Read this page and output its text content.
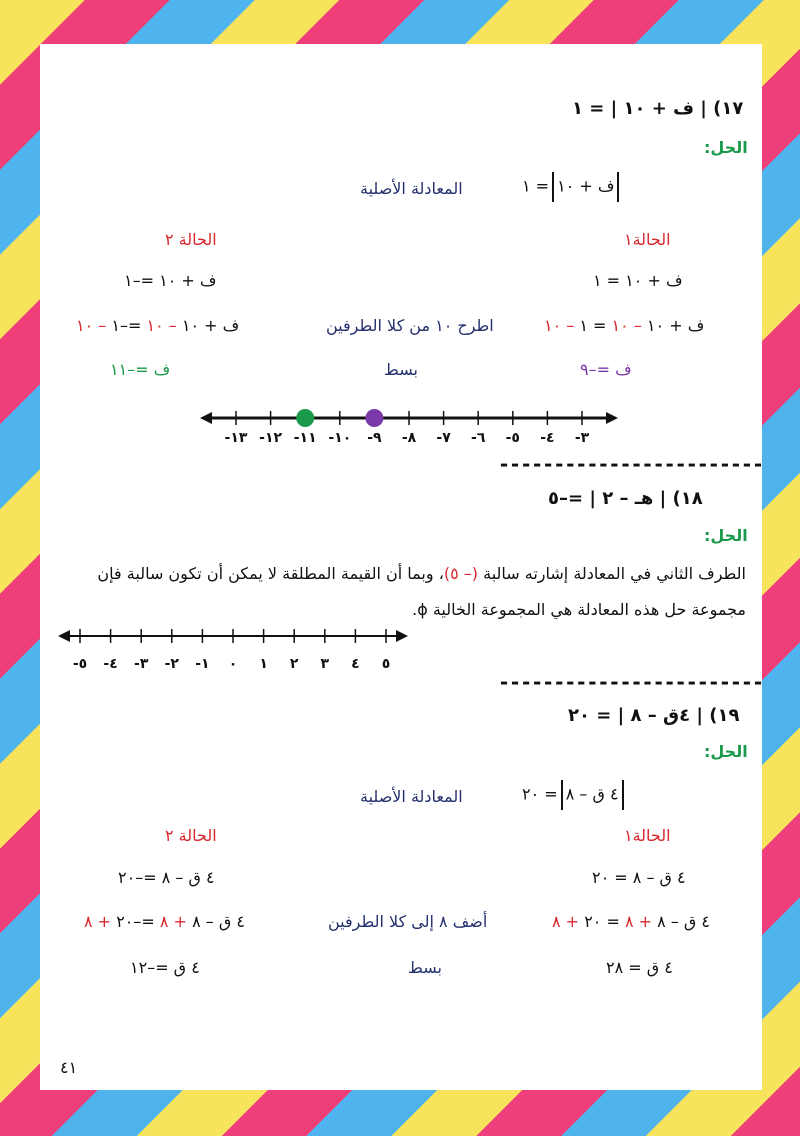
١٧) | ف + ١٠ | = ١
الحل:
ف + ١٠= ١
المعادلة الأصلية
الحالة١
الحالة ٢
ف + ١٠ = ١
ف + ١٠ =–١
ف + ١٠ – ١٠ = ١ – ١٠
اطرح ١٠ من كلا الطرفين
ف + ١٠ – ١٠ =–١ – ١٠
ف =–٩
بسط
ف =–١١
-١٣ -١٢ -١١ -١٠ -٩ -٨ -٧ -٦ -٥ -٤ -٣
------------------------
١٨) | هـ – ٢ | =–٥
الحل:
الطرف الثاني في المعادلة إشارته سالبة (– ٥)، وبما أن القيمة المطلقة لا يمكن أن تكون سالبة فإن
مجموعة حل هذه المعادلة هي المجموعة الخالية ϕ.
-٥ -٤ -٣ -٢ -١ ٠ ١ ٢ ٣ ٤ ٥
------------------------
١٩) | ٤ق – ٨ | = ٢٠
الحل:
٤ ق – ٨= ٢٠
المعادلة الأصلية
الحالة١
الحالة ٢
٤ ق – ٨ = ٢٠
٤ ق – ٨ =–٢٠
٤ ق – ٨ + ٨ = ٢٠ + ٨
أضف ٨ إلى كلا الطرفين
٤ ق – ٨ + ٨ =–٢٠ + ٨
٤ ق = ٢٨
بسط
٤ ق =–١٢
٤١
